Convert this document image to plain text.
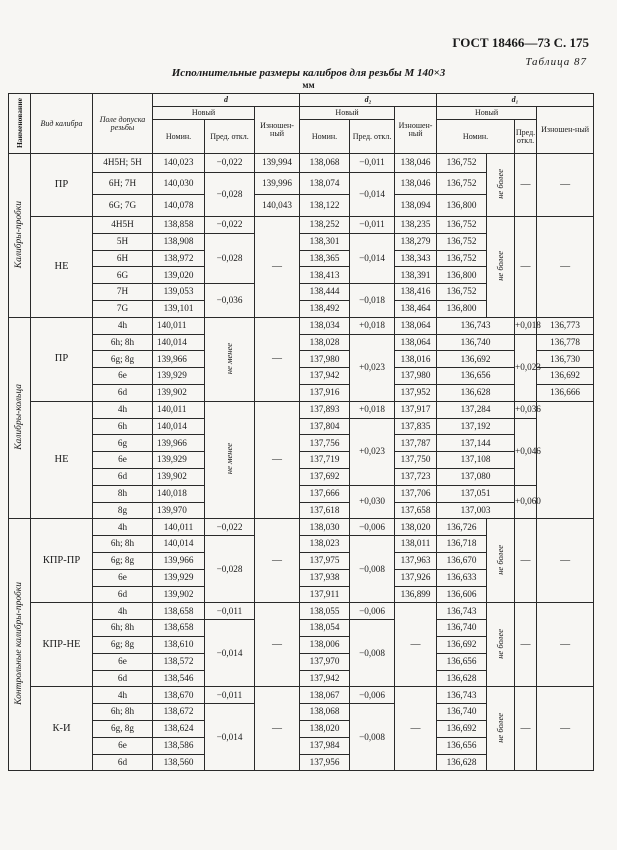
ГОСТ 18466—73 С. 175
Таблица 87
Исполнительные размеры калибров для резьбы М 140×3
мм
Наименование	Вид калибра	Поле допуска резьбы	d			d₂			d₁			
			Новый		Изношен-ный	Новый		Изношен-ный	Новый			Изношен-ный
			Номин.	Пред. откл.		Номин.	Пред. откл.		Номин.		Пред. откл.	
Калибры-пробки	ПР	4H5H; 5H	140,023	−0,022	139,994	138,068	−0,011	138,046	136,752	не более	—	—
		6H; 7H	140,030	−0,028	139,996	138,074	−0,014	138,046	136,752			
		6G; 7G	140,078		140,043	138,122		138,094	136,800			
	НЕ	4H5H	138,858	−0,022	—	138,252	−0,011	138,235	136,752	не более	—	—
		5H	138,908	−0,028		138,301	−0,014	138,279	136,752			
		6H	138,972			138,365		138,343	136,752			
		6G	139,020			138,413		138,391	136,800			
		7H	139,053	−0,036		138,444	−0,018	138,416	136,752			
		7G	139,101			138,492		138,464	136,800			
Калибры-кольца	ПР	4h	140,011	не менее	—	138,034	+0,018	138,064	136,743		+0,018	136,773
		6h; 8h	140,014			138,028	+0,023	138,064	136,740		+0,023	136,778
		6g; 8g	139,966			137,980		138,016	136,692			136,730
		6e	139,929			137,942		137,980	136,656			136,692
		6d	139,902			137,916		137,952	136,628			136,666
	НЕ	4h	140,011	не менее	—	137,893	+0,018	137,917	137,284		+0,036	
		6h	140,014			137,804	+0,023	137,835	137,192		+0,046	
		6g	139,966			137,756		137,787	137,144			
		6e	139,929			137,719		137,750	137,108			
		6d	139,902			137,692		137,723	137,080			
		8h	140,018			137,666	+0,030	137,706	137,051		+0,060	
		8g	139,970			137,618		137,658	137,003			
Контрольные калибры-пробки	КПР-ПР	4h	140,011	−0,022	—	138,030	−0,006	138,020	136,726	не более	—	—
		6h; 8h	140,014	−0,028		138,023	−0,008	138,011	136,718			
		6g; 8g	139,966			137,975		137,963	136,670			
		6e	139,929			137,938		137,926	136,633			
		6d	139,902			137,911		136,899	136,606			
	КПР-НЕ	4h	138,658	−0,011	—	138,055	−0,006	—	136,743	не более	—	—
		6h; 8h	138,658	−0,014		138,054	−0,008		136,740			
		6g; 8g	138,610			138,006			136,692			
		6e	138,572			137,970			136,656			
		6d	138,546			137,942			136,628			
	К-И	4h	138,670	−0,011	—	138,067	−0,006	—	136,743	не более	—	—
		6h; 8h	138,672	−0,014		138,068	−0,008		136,740			
		6g, 8g	138,624			138,020			136,692			
		6e	138,586			137,984			136,656			
		6d	138,560			137,956			136,628			
